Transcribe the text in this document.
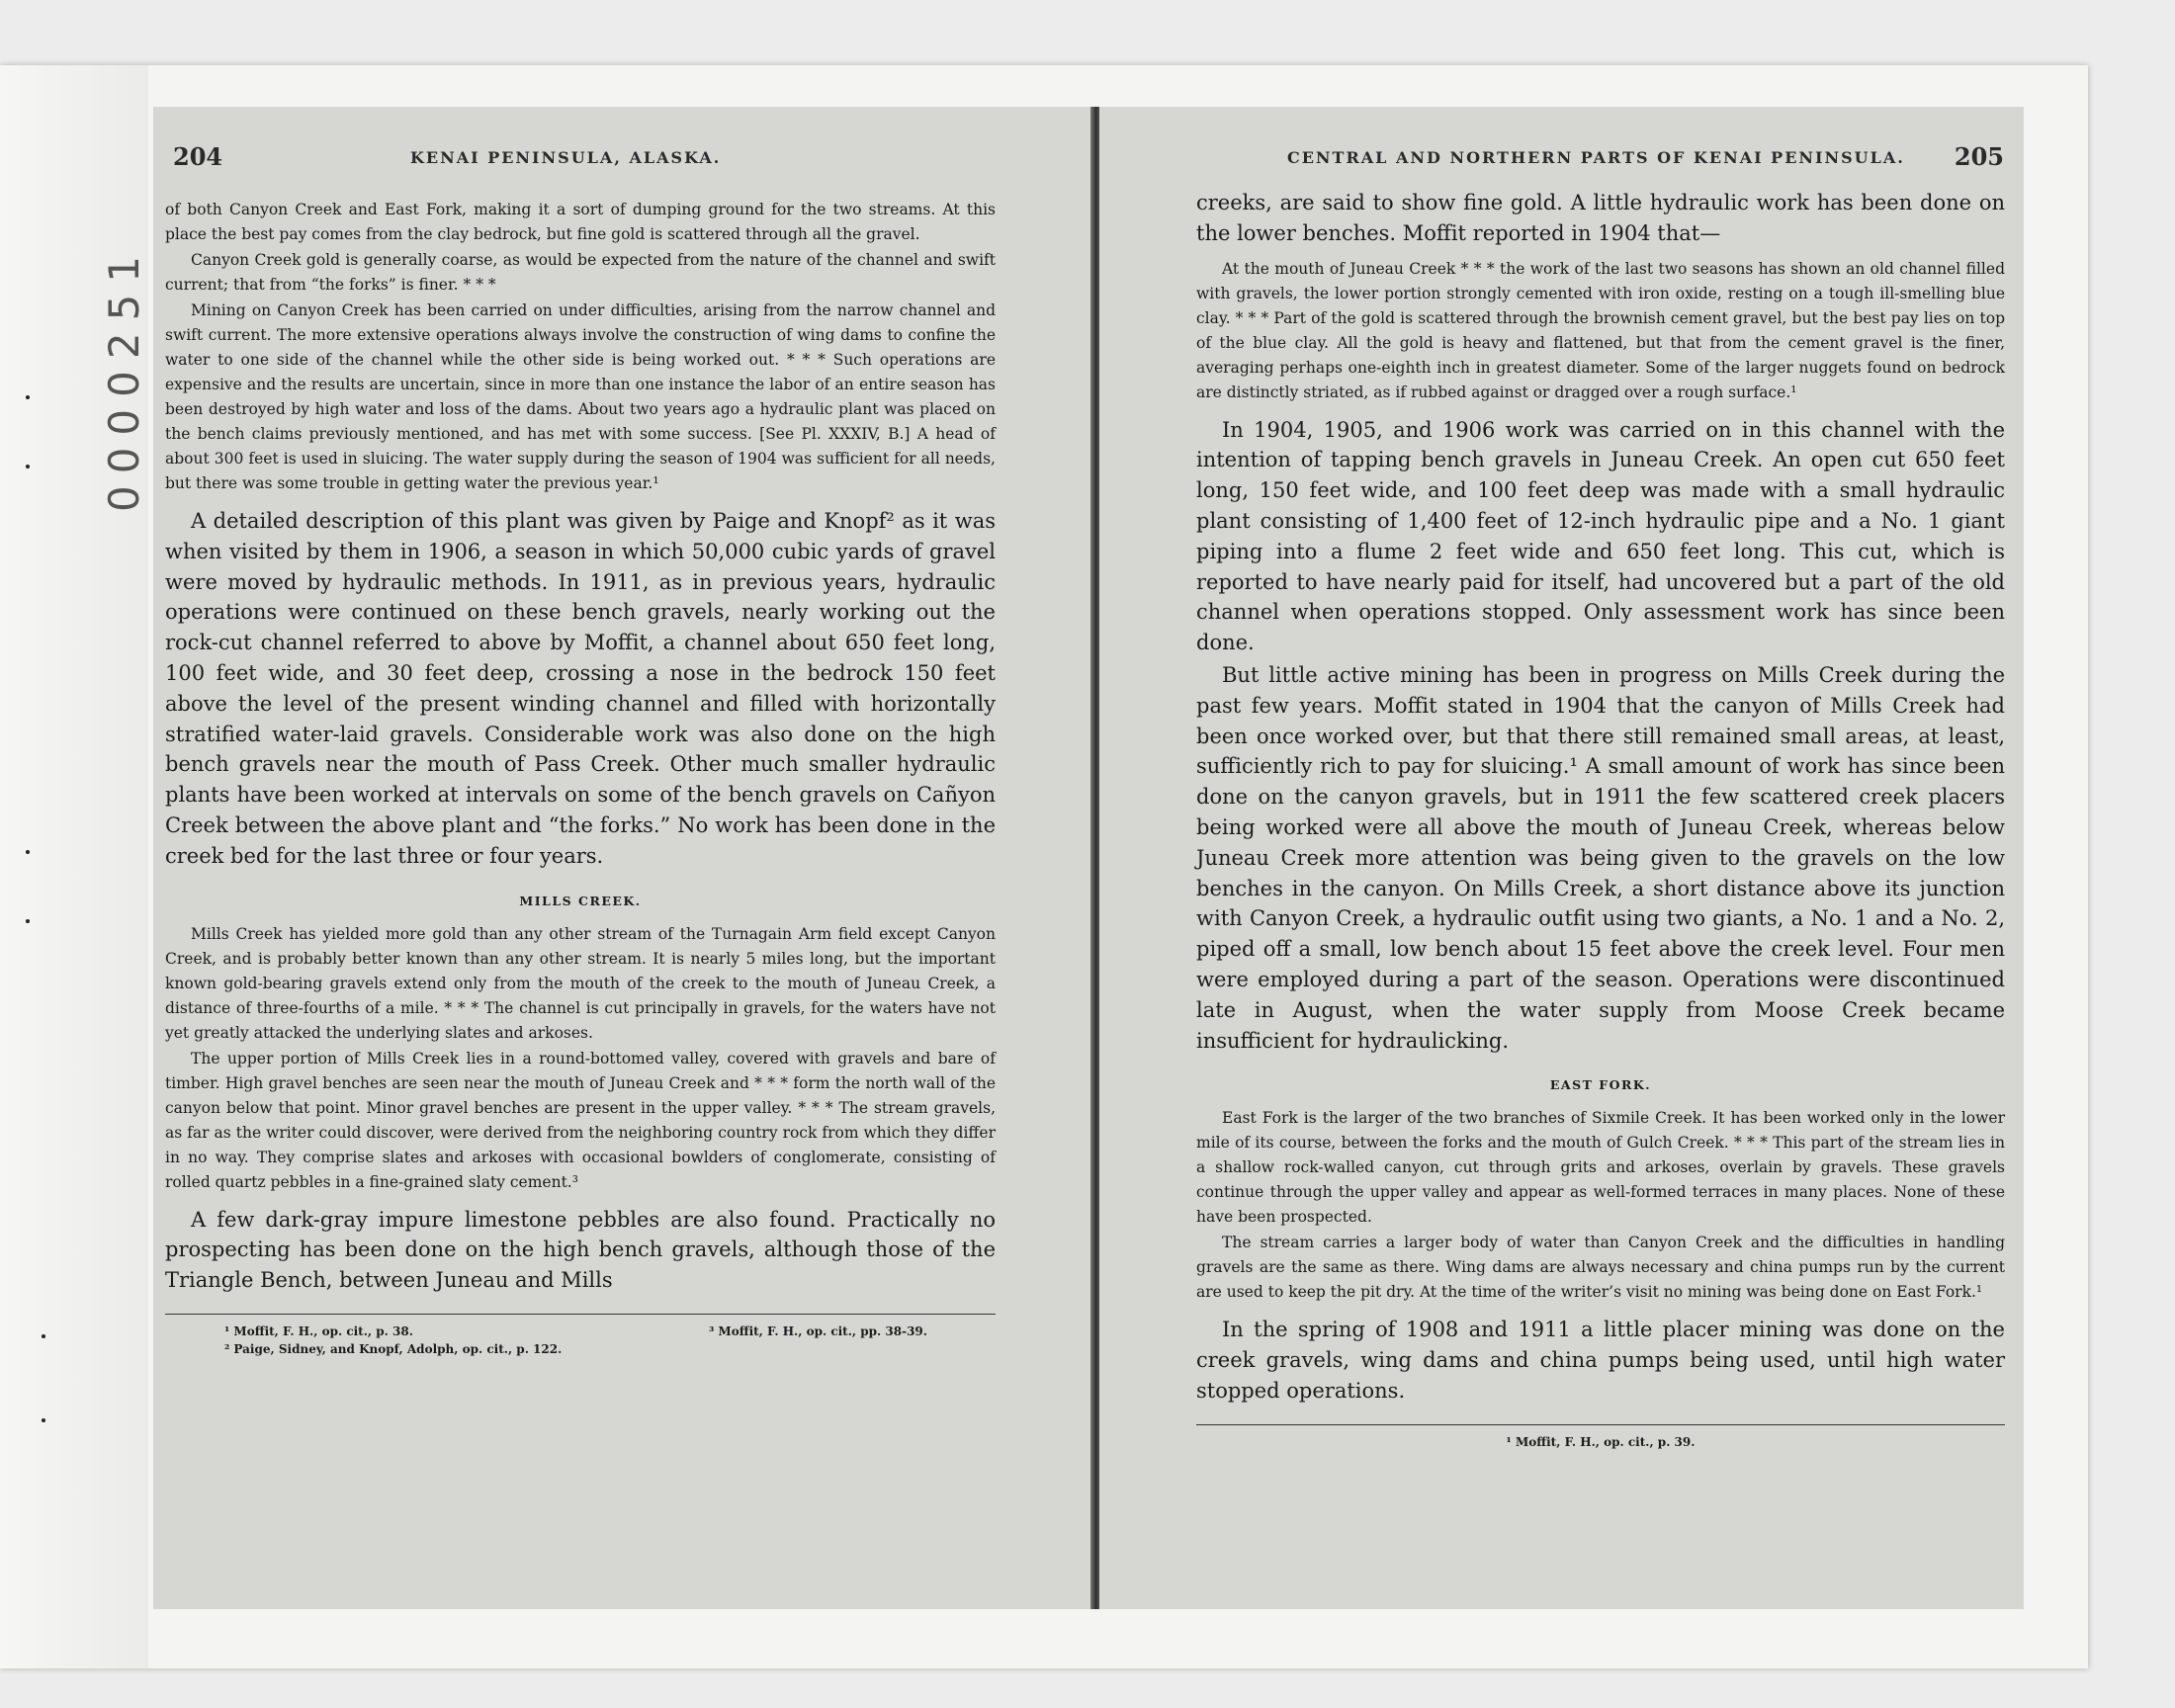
0000251
204	KENAI PENINSULA, ALASKA.

of both Canyon Creek and East Fork, making it a sort of dumping ground for the two streams. At this place the best pay comes from the clay bedrock, but fine gold is scattered through all the gravel.

Canyon Creek gold is generally coarse, as would be expected from the nature of the channel and swift current; that from “the forks” is finer. * * *

Mining on Canyon Creek has been carried on under difficulties, arising from the narrow channel and swift current. The more extensive operations always involve the construction of wing dams to confine the water to one side of the channel while the other side is being worked out. * * * Such operations are expensive and the results are uncertain, since in more than one instance the labor of an entire season has been destroyed by high water and loss of the dams. About two years ago a hydraulic plant was placed on the bench claims previously mentioned, and has met with some success. [See Pl. XXXIV, B.] A head of about 300 feet is used in sluicing. The water supply during the season of 1904 was sufficient for all needs, but there was some trouble in getting water the previous year.¹

A detailed description of this plant was given by Paige and Knopf² as it was when visited by them in 1906, a season in which 50,000 cubic yards of gravel were moved by hydraulic methods. In 1911, as in previous years, hydraulic operations were continued on these bench gravels, nearly working out the rock-cut channel referred to above by Moffit, a channel about 650 feet long, 100 feet wide, and 30 feet deep, crossing a nose in the bedrock 150 feet above the level of the present winding channel and filled with horizontally stratified water-laid gravels. Considerable work was also done on the high bench gravels near the mouth of Pass Creek. Other much smaller hydraulic plants have been worked at intervals on some of the bench gravels on Cañyon Creek between the above plant and “the forks.” No work has been done in the creek bed for the last three or four years.

MILLS CREEK.

Mills Creek has yielded more gold than any other stream of the Turnagain Arm field except Canyon Creek, and is probably better known than any other stream. It is nearly 5 miles long, but the important known gold-bearing gravels extend only from the mouth of the creek to the mouth of Juneau Creek, a distance of three-fourths of a mile. * * * The channel is cut principally in gravels, for the waters have not yet greatly attacked the underlying slates and arkoses.

The upper portion of Mills Creek lies in a round-bottomed valley, covered with gravels and bare of timber. High gravel benches are seen near the mouth of Juneau Creek and * * * form the north wall of the canyon below that point. Minor gravel benches are present in the upper valley. * * * The stream gravels, as far as the writer could discover, were derived from the neighboring country rock from which they differ in no way. They comprise slates and arkoses with occasional bowlders of conglomerate, consisting of rolled quartz pebbles in a fine-grained slaty cement.³

A few dark-gray impure limestone pebbles are also found. Practically no prospecting has been done on the high bench gravels, although those of the Triangle Bench, between Juneau and Mills

¹ Moffit, F. H., op. cit., p. 38.	³ Moffit, F. H., op. cit., pp. 38-39.
² Paige, Sidney, and Knopf, Adolph, op. cit., p. 122.
CENTRAL AND NORTHERN PARTS OF KENAI PENINSULA. 205

creeks, are said to show fine gold. A little hydraulic work has been done on the lower benches. Moffit reported in 1904 that—

At the mouth of Juneau Creek * * * the work of the last two seasons has shown an old channel filled with gravels, the lower portion strongly cemented with iron oxide, resting on a tough ill-smelling blue clay. * * * Part of the gold is scattered through the brownish cement gravel, but the best pay lies on top of the blue clay. All the gold is heavy and flattened, but that from the cement gravel is the finer, averaging perhaps one-eighth inch in greatest diameter. Some of the larger nuggets found on bedrock are distinctly striated, as if rubbed against or dragged over a rough surface.¹

In 1904, 1905, and 1906 work was carried on in this channel with the intention of tapping bench gravels in Juneau Creek. An open cut 650 feet long, 150 feet wide, and 100 feet deep was made with a small hydraulic plant consisting of 1,400 feet of 12-inch hydraulic pipe and a No. 1 giant piping into a flume 2 feet wide and 650 feet long. This cut, which is reported to have nearly paid for itself, had uncovered but a part of the old channel when operations stopped. Only assessment work has since been done.

But little active mining has been in progress on Mills Creek during the past few years. Moffit stated in 1904 that the canyon of Mills Creek had been once worked over, but that there still remained small areas, at least, sufficiently rich to pay for sluicing.¹ A small amount of work has since been done on the canyon gravels, but in 1911 the few scattered creek placers being worked were all above the mouth of Juneau Creek, whereas below Juneau Creek more attention was being given to the gravels on the low benches in the canyon. On Mills Creek, a short distance above its junction with Canyon Creek, a hydraulic outfit using two giants, a No. 1 and a No. 2, piped off a small, low bench about 15 feet above the creek level. Four men were employed during a part of the season. Operations were discontinued late in August, when the water supply from Moose Creek became insufficient for hydraulicking.

EAST FORK.

East Fork is the larger of the two branches of Sixmile Creek. It has been worked only in the lower mile of its course, between the forks and the mouth of Gulch Creek. * * * This part of the stream lies in a shallow rock-walled canyon, cut through grits and arkoses, overlain by gravels. These gravels continue through the upper valley and appear as well-formed terraces in many places. None of these have been prospected.

The stream carries a larger body of water than Canyon Creek and the difficulties in handling gravels are the same as there. Wing dams are always necessary and china pumps run by the current are used to keep the pit dry. At the time of the writer’s visit no mining was being done on East Fork.¹

In the spring of 1908 and 1911 a little placer mining was done on the creek gravels, wing dams and china pumps being used, until high water stopped operations.

¹ Moffit, F. H., op. cit., p. 39.
